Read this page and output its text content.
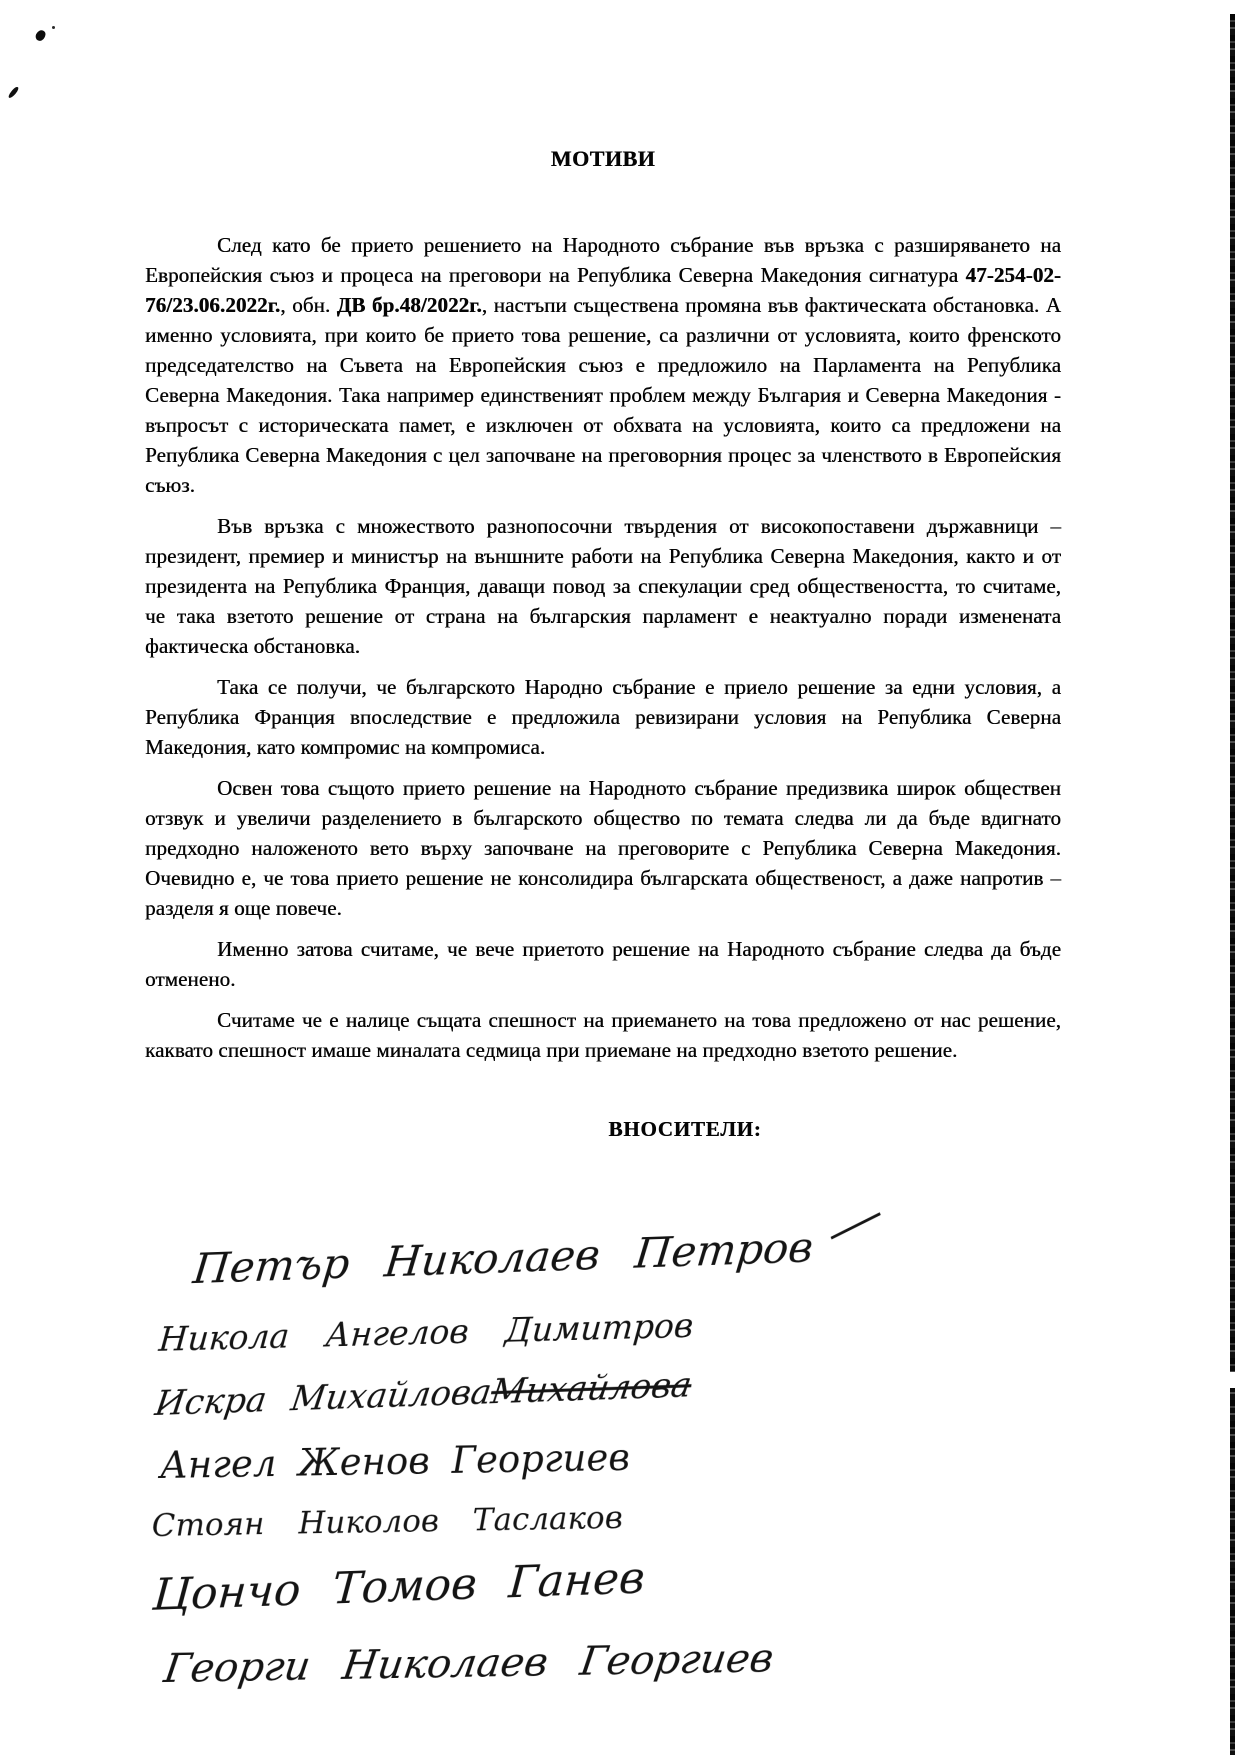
МОТИВИ

След като бе прието решението на Народното събрание във връзка с разширяването на Европейския съюз и процеса на преговори на Република Северна Македония сигнатура 47-254-02-76/23.06.2022г., обн. ДВ бр.48/2022г., настъпи съществена промяна във фактическата обстановка. А именно условията, при които бе прието това решение, са различни от условията, които френското председателство на Съвета на Европейския съюз е предложило на Парламента на Република Северна Македония. Така например единственият проблем между България и Северна Македония - въпросът с историческата памет, е изключен от обхвата на условията, които са предложени на Република Северна Македония с цел започване на преговорния процес за членството в Европейския съюз.

Във връзка с множеството разнопосочни твърдения от високопоставени държавници – президент, премиер и министър на външните работи на Република Северна Македония, както и от президента на Република Франция, даващи повод за спекулации сред обществеността, то считаме, че така взетото решение от страна на българския парламент е неактуално поради изменената фактическа обстановка.

Така се получи, че българското Народно събрание е приело решение за едни условия, а Република Франция впоследствие е предложила ревизирани условия на Република Северна Македония, като компромис на компромиса.

Освен това същото прието решение на Народното събрание предизвика широк обществен отзвук и увеличи разделението в българското общество по темата следва ли да бъде вдигнато предходно наложеното вето върху започване на преговорите с Република Северна Македония. Очевидно е, че това прието решение не консолидира българската общественост, а даже напротив – разделя я още повече.

Именно затова считаме, че вече приетото решение на Народното събрание следва да бъде отменено.

Считаме че е налице същата спешност на приемането на това предложено от нас решение, каквато спешност имаше миналата седмица при приемане на предходно взетото решение.

ВНОСИТЕЛИ:
Петър Николаев Петров
Никола Ангелов Димитров
Искра МихайловаМихайлова
Ангел Женов Георгиев
Стоян Николов Таслаков
Цончо Томов Ганев
Георги Николаев Георгиев
